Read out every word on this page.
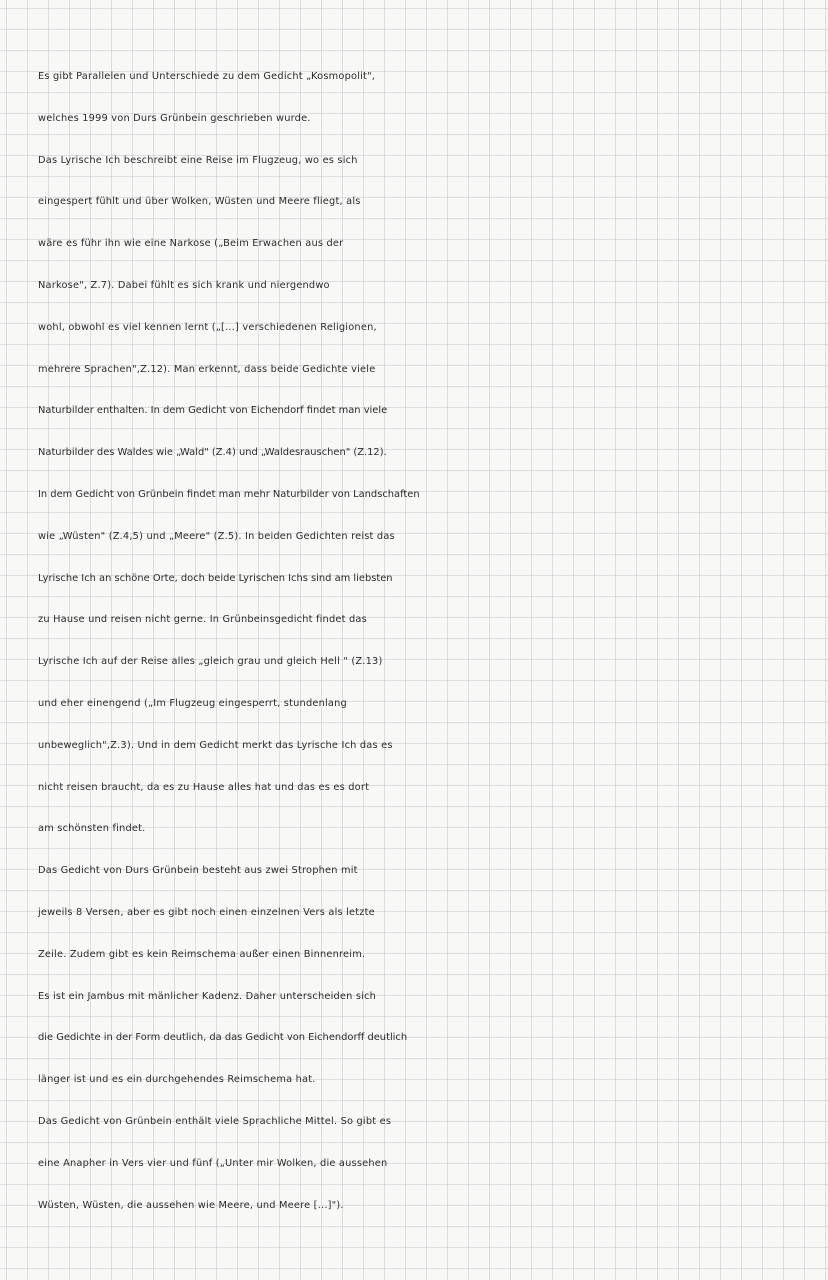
Es gibt Parallelen und Unterschiede zu dem Gedicht „Kosmopolit",
welches 1999 von Durs Grünbein geschrieben wurde.
Das Lyrische Ich beschreibt eine Reise im Flugzeug, wo es sich
eingespert fühlt und über Wolken, Wüsten und Meere fliegt, als
wäre es führ ihn wie eine Narkose („Beim Erwachen aus der
Narkose", Z.7). Dabei fühlt es sich krank und niergendwo
wohl, obwohl es viel kennen lernt („[...] verschiedenen Religionen,
mehrere Sprachen",Z.12). Man erkennt, dass beide Gedichte viele
Naturbilder enthalten. In dem Gedicht von Eichendorf findet man viele
Naturbilder des Waldes wie „Wald" (Z.4) und „Waldesrauschen" (Z.12).
In dem Gedicht von Grünbein findet man mehr Naturbilder von Landschaften
wie „Wüsten" (Z.4,5) und „Meere" (Z.5). In beiden Gedichten reist das
Lyrische Ich an schöne Orte, doch beide Lyrischen Ichs sind am liebsten
zu Hause und reisen nicht gerne. In Grünbeinsgedicht findet das
Lyrische Ich auf der Reise alles „gleich grau und gleich Hell " (Z.13)
und eher einengend („Im Flugzeug eingesperrt, stundenlang
unbeweglich",Z.3). Und in dem Gedicht merkt das Lyrische Ich das es
nicht reisen braucht, da es zu Hause alles hat und das es es dort
am schönsten findet.
Das Gedicht von Durs Grünbein besteht aus zwei Strophen mit
jeweils 8 Versen, aber es gibt noch einen einzelnen Vers als letzte
Zeile. Zudem gibt es kein Reimschema außer einen Binnenreim.
Es ist ein Jambus mit mänlicher Kadenz. Daher unterscheiden sich
die Gedichte in der Form deutlich, da das Gedicht von Eichendorff deutlich
länger ist und es ein durchgehendes Reimschema hat.
Das Gedicht von Grünbein enthält viele Sprachliche Mittel. So gibt es
eine Anapher in Vers vier und fünf („Unter mir Wolken, die aussehen
Wüsten, Wüsten, die aussehen wie Meere, und Meere [...]").
